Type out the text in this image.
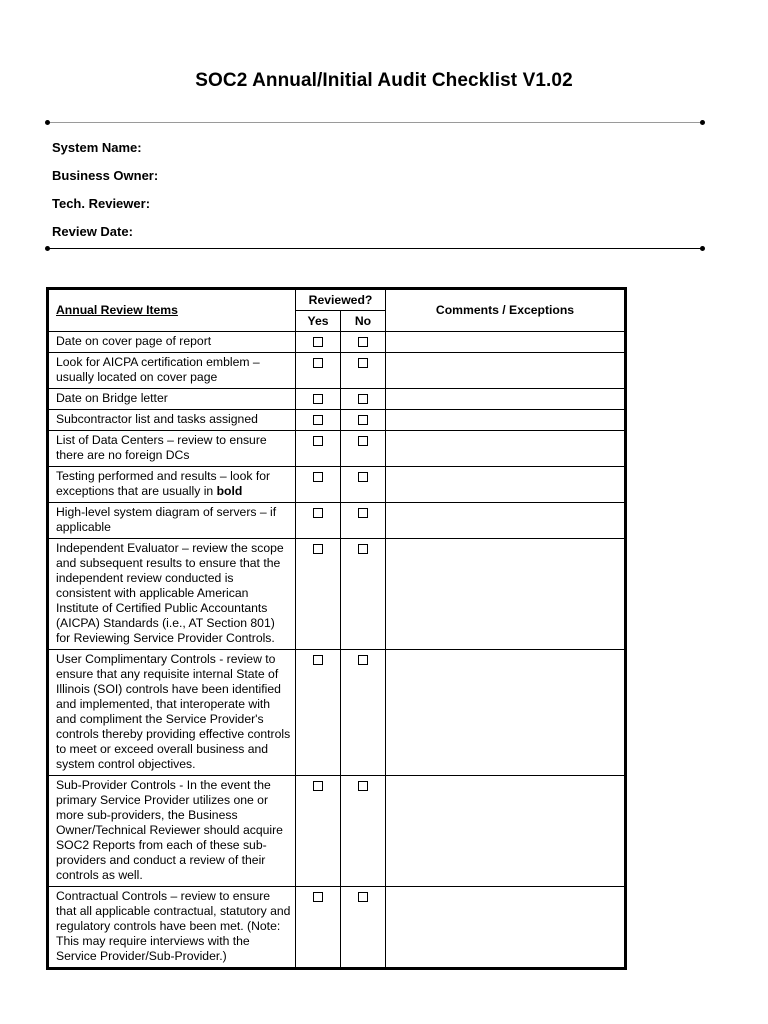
SOC2 Annual/Initial Audit Checklist V1.02
System Name:
Business Owner:
Tech. Reviewer:
Review Date:
Annual Review Items	Reviewed?		Comments / Exceptions
	Yes	No	
Date on cover page of report			
Look for AICPA certification emblem – usually located on cover page			
Date on Bridge letter			
Subcontractor list and tasks assigned			
List of Data Centers – review to ensure there are no foreign DCs			
Testing performed and results – look for exceptions that are usually in bold			
High-level system diagram of servers – if applicable			
Independent Evaluator – review the scope and subsequent results to ensure that the independent review conducted is consistent with applicable American Institute of Certified Public Accountants (AICPA) Standards (i.e., AT Section 801) for Reviewing Service Provider Controls.			
User Complimentary Controls - review to ensure that any requisite internal State of Illinois (SOI) controls have been identified and implemented, that interoperate with and compliment the Service Provider's controls thereby providing effective controls to meet or exceed overall business and system control objectives.			
Sub-Provider Controls - In the event the primary Service Provider utilizes one or more sub-providers, the Business Owner/Technical Reviewer should acquire SOC2 Reports from each of these sub-providers and conduct a review of their controls as well.			
Contractual Controls – review to ensure that all applicable contractual, statutory and regulatory controls have been met. (Note: This may require interviews with the Service Provider/Sub-Provider.)			
